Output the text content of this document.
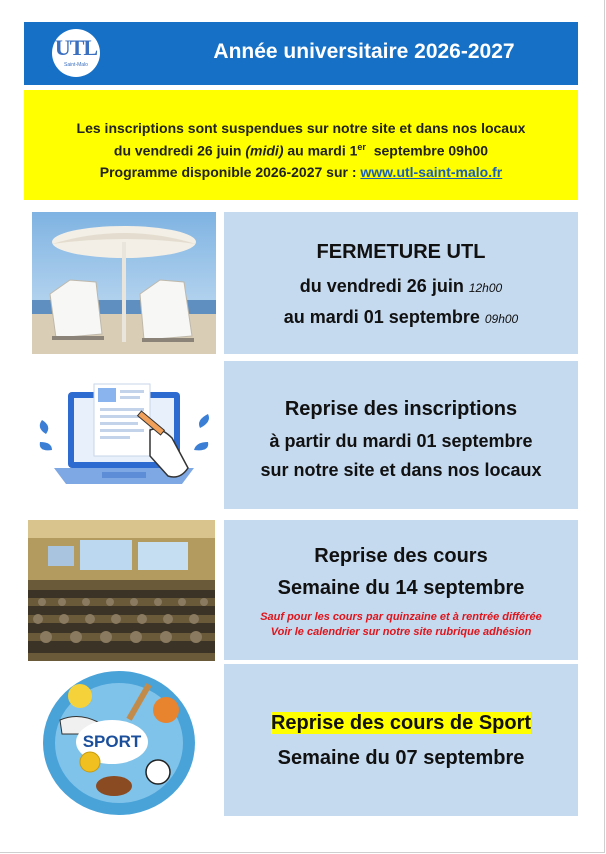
UTL
Saint-Malo
Année universitaire 2026-2027
Les inscriptions sont suspendues sur notre site et dans nos locaux
du vendredi 26 juin (midi) au mardi 1er septembre 09h00
Programme disponible 2026-2027 sur : www.utl-saint-malo.fr
FERMETURE UTL
du vendredi 26 juin 12h00
au mardi 01 septembre 09h00
Reprise des inscriptions
à partir du mardi 01 septembre
sur notre site et dans nos locaux
Reprise des cours
Semaine du 14 septembre
Sauf pour les cours par quinzaine et à rentrée différée
Voir le calendrier sur notre site rubrique adhésion
SPORT
Reprise des cours de Sport
Semaine du 07 septembre
